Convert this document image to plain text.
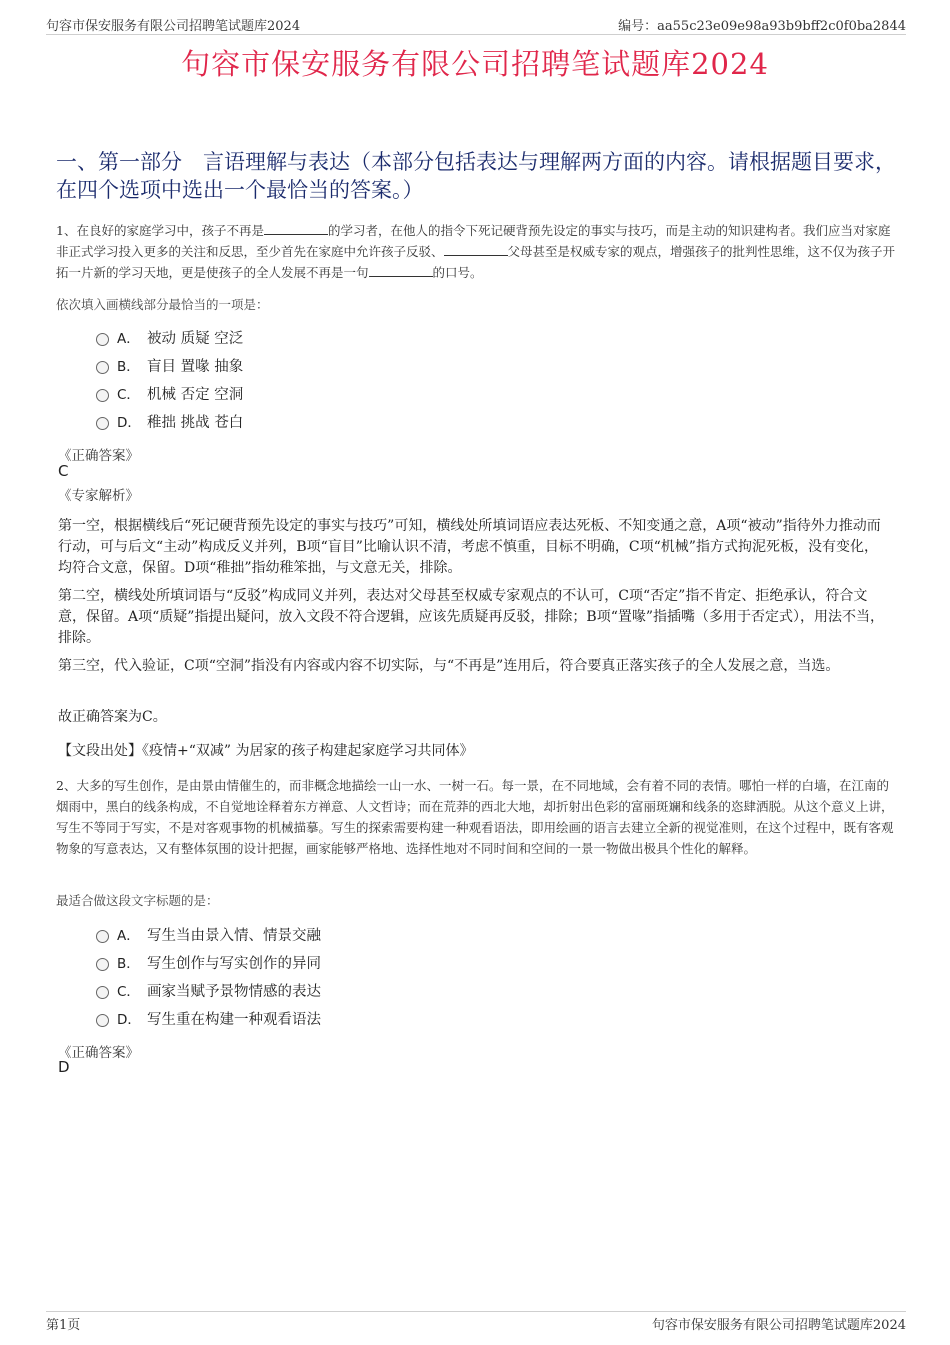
句容市保安服务有限公司招聘笔试题库2024	编号：aa55c23e09e98a93b9bff2c0f0ba2844
句容市保安服务有限公司招聘笔试题库2024
一、第一部分　言语理解与表达（本部分包括表达与理解两方面的内容。请根据题目要求，在四个选项中选出一个最恰当的答案。）
1、在良好的家庭学习中，孩子不再是	的学习者，在他人的指令下死记硬背预先设定的事实与技巧，而是主动的知识建构者。我们应当对家庭非正式学习投入更多的关注和反思，至少首先在家庭中允许孩子反驳、	父母甚至是权威专家的观点，增强孩子的批判性思维，这不仅为孩子开拓一片新的学习天地，更是使孩子的全人发展不再是一句	的口号。
依次填入画横线部分最恰当的一项是：
A． 被动 质疑 空泛
B． 盲目 置喙 抽象
C． 机械 否定 空洞
D． 稚拙 挑战 苍白
《正确答案》
C
《专家解析》
第一空，根据横线后“死记硬背预先设定的事实与技巧”可知，横线处所填词语应表达死板、不知变通之意，A项“被动”指待外力推动而行动，可与后文“主动”构成反义并列，B项“盲目”比喻认识不清，考虑不慎重，目标不明确，C项“机械”指方式拘泥死板，没有变化，均符合文意，保留。D项“稚拙”指幼稚笨拙，与文意无关，排除。
第二空，横线处所填词语与“反驳”构成同义并列，表达对父母甚至权威专家观点的不认可，C项“否定”指不肯定、拒绝承认，符合文意，保留。A项“质疑”指提出疑问，放入文段不符合逻辑，应该先质疑再反驳，排除；B项“置喙”指插嘴（多用于否定式），用法不当，排除。
第三空，代入验证，C项“空洞”指没有内容或内容不切实际，与“不再是”连用后，符合要真正落实孩子的全人发展之意，当选。
故正确答案为C。
【文段出处】《疫情+“双减” 为居家的孩子构建起家庭学习共同体》
2、大多的写生创作，是由景由情催生的，而非概念地描绘一山一水、一树一石。每一景，在不同地域，会有着不同的表情。哪怕一样的白墙，在江南的烟雨中，黑白的线条构成，不自觉地诠释着东方禅意、人文哲诗；而在荒莽的西北大地，却折射出色彩的富丽斑斓和线条的恣肆洒脱。从这个意义上讲，写生不等同于写实，不是对客观事物的机械描摹。写生的探索需要构建一种观看语法，即用绘画的语言去建立全新的视觉准则，在这个过程中，既有客观物象的写意表达，又有整体氛围的设计把握，画家能够严格地、选择性地对不同时间和空间的一景一物做出极具个性化的解释。
最适合做这段文字标题的是：
A． 写生当由景入情、情景交融
B． 写生创作与写实创作的异同
C． 画家当赋予景物情感的表达
D． 写生重在构建一种观看语法
《正确答案》
D
第1页	句容市保安服务有限公司招聘笔试题库2024
